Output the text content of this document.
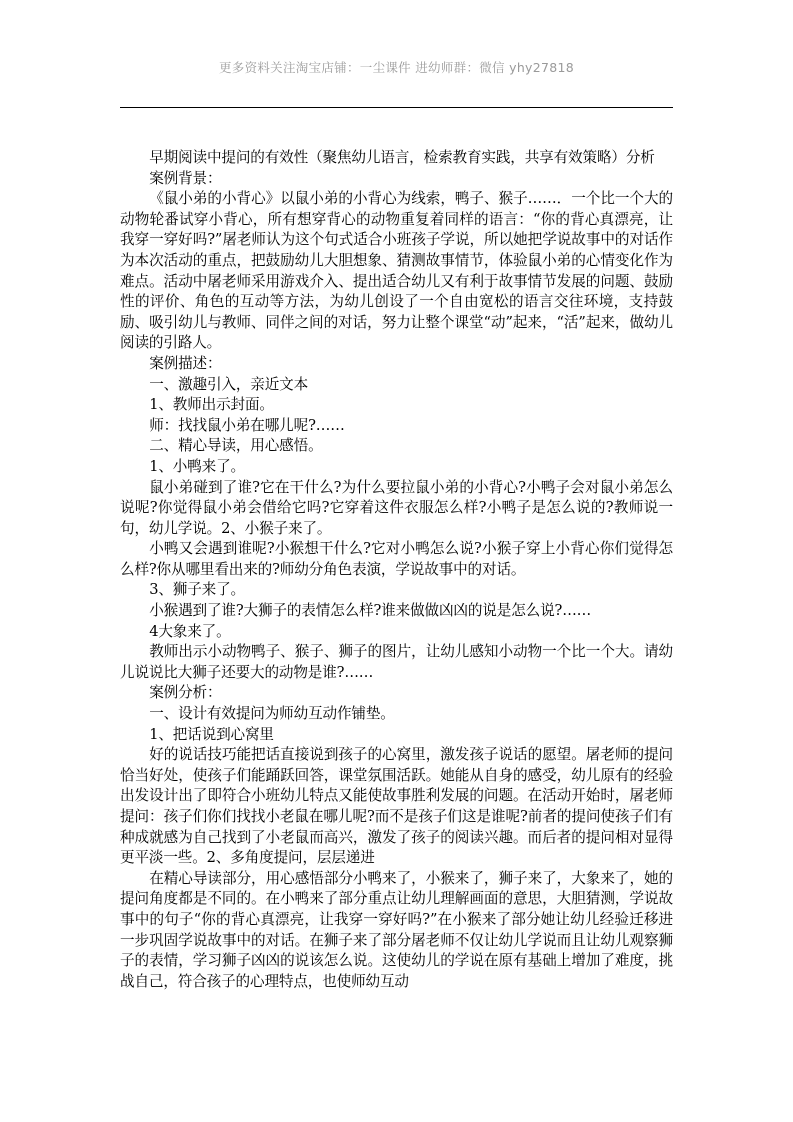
更多资料关注淘宝店铺：一尘课件 进幼师群：微信 yhy27818

早期阅读中提问的有效性（聚焦幼儿语言，检索教育实践，共享有效策略）分析

案例背景：

《鼠小弟的小背心》以鼠小弟的小背心为线索，鸭子、猴子……．一个比一个大的动物轮番试穿小背心，所有想穿背心的动物重复着同样的语言：“你的背心真漂亮，让我穿一穿好吗?”屠老师认为这个句式适合小班孩子学说，所以她把学说故事中的对话作为本次活动的重点，把鼓励幼儿大胆想象、猜测故事情节，体验鼠小弟的心情变化作为难点。活动中屠老师采用游戏介入、提出适合幼儿又有利于故事情节发展的问题、鼓励性的评价、角色的互动等方法，为幼儿创设了一个自由宽松的语言交往环境，支持鼓励、吸引幼儿与教师、同伴之间的对话，努力让整个课堂“动”起来，“活”起来，做幼儿阅读的引路人。

案例描述：

一、激趣引入，亲近文本

1、教师出示封面。

师：找找鼠小弟在哪儿呢?……

二、精心导读，用心感悟。

1、小鸭来了。

鼠小弟碰到了谁?它在干什么?为什么要拉鼠小弟的小背心?小鸭子会对鼠小弟怎么说呢?你觉得鼠小弟会借给它吗?它穿着这件衣服怎么样?小鸭子是怎么说的?教师说一句，幼儿学说。2、小猴子来了。

小鸭又会遇到谁呢?小猴想干什么?它对小鸭怎么说?小猴子穿上小背心你们觉得怎么样?你从哪里看出来的?师幼分角色表演，学说故事中的对话。

3、狮子来了。

小猴遇到了谁?大狮子的表情怎么样?谁来做做凶凶的说是怎么说?……

4大象来了。

教师出示小动物鸭子、猴子、狮子的图片，让幼儿感知小动物一个比一个大。请幼儿说说比大狮子还要大的动物是谁?……

案例分析：

一、设计有效提问为师幼互动作铺垫。

1、把话说到心窝里

好的说话技巧能把话直接说到孩子的心窝里，激发孩子说话的愿望。屠老师的提问恰当好处，使孩子们能踊跃回答，课堂氛围活跃。她能从自身的感受，幼儿原有的经验出发设计出了即符合小班幼儿特点又能使故事胜利发展的问题。在活动开始时，屠老师提问：孩子们你们找找小老鼠在哪儿呢?而不是孩子们这是谁呢?前者的提问使孩子们有种成就感为自己找到了小老鼠而高兴，激发了孩子的阅读兴趣。而后者的提问相对显得更平淡一些。2、多角度提问，层层递进

在精心导读部分，用心感悟部分小鸭来了，小猴来了，狮子来了，大象来了，她的提问角度都是不同的。在小鸭来了部分重点让幼儿理解画面的意思，大胆猜测，学说故事中的句子“你的背心真漂亮，让我穿一穿好吗?”在小猴来了部分她让幼儿经验迁移进一步巩固学说故事中的对话。在狮子来了部分屠老师不仅让幼儿学说而且让幼儿观察狮子的表情，学习狮子凶凶的说该怎么说。这使幼儿的学说在原有基础上增加了难度，挑战自己，符合孩子的心理特点，也使师幼互动
